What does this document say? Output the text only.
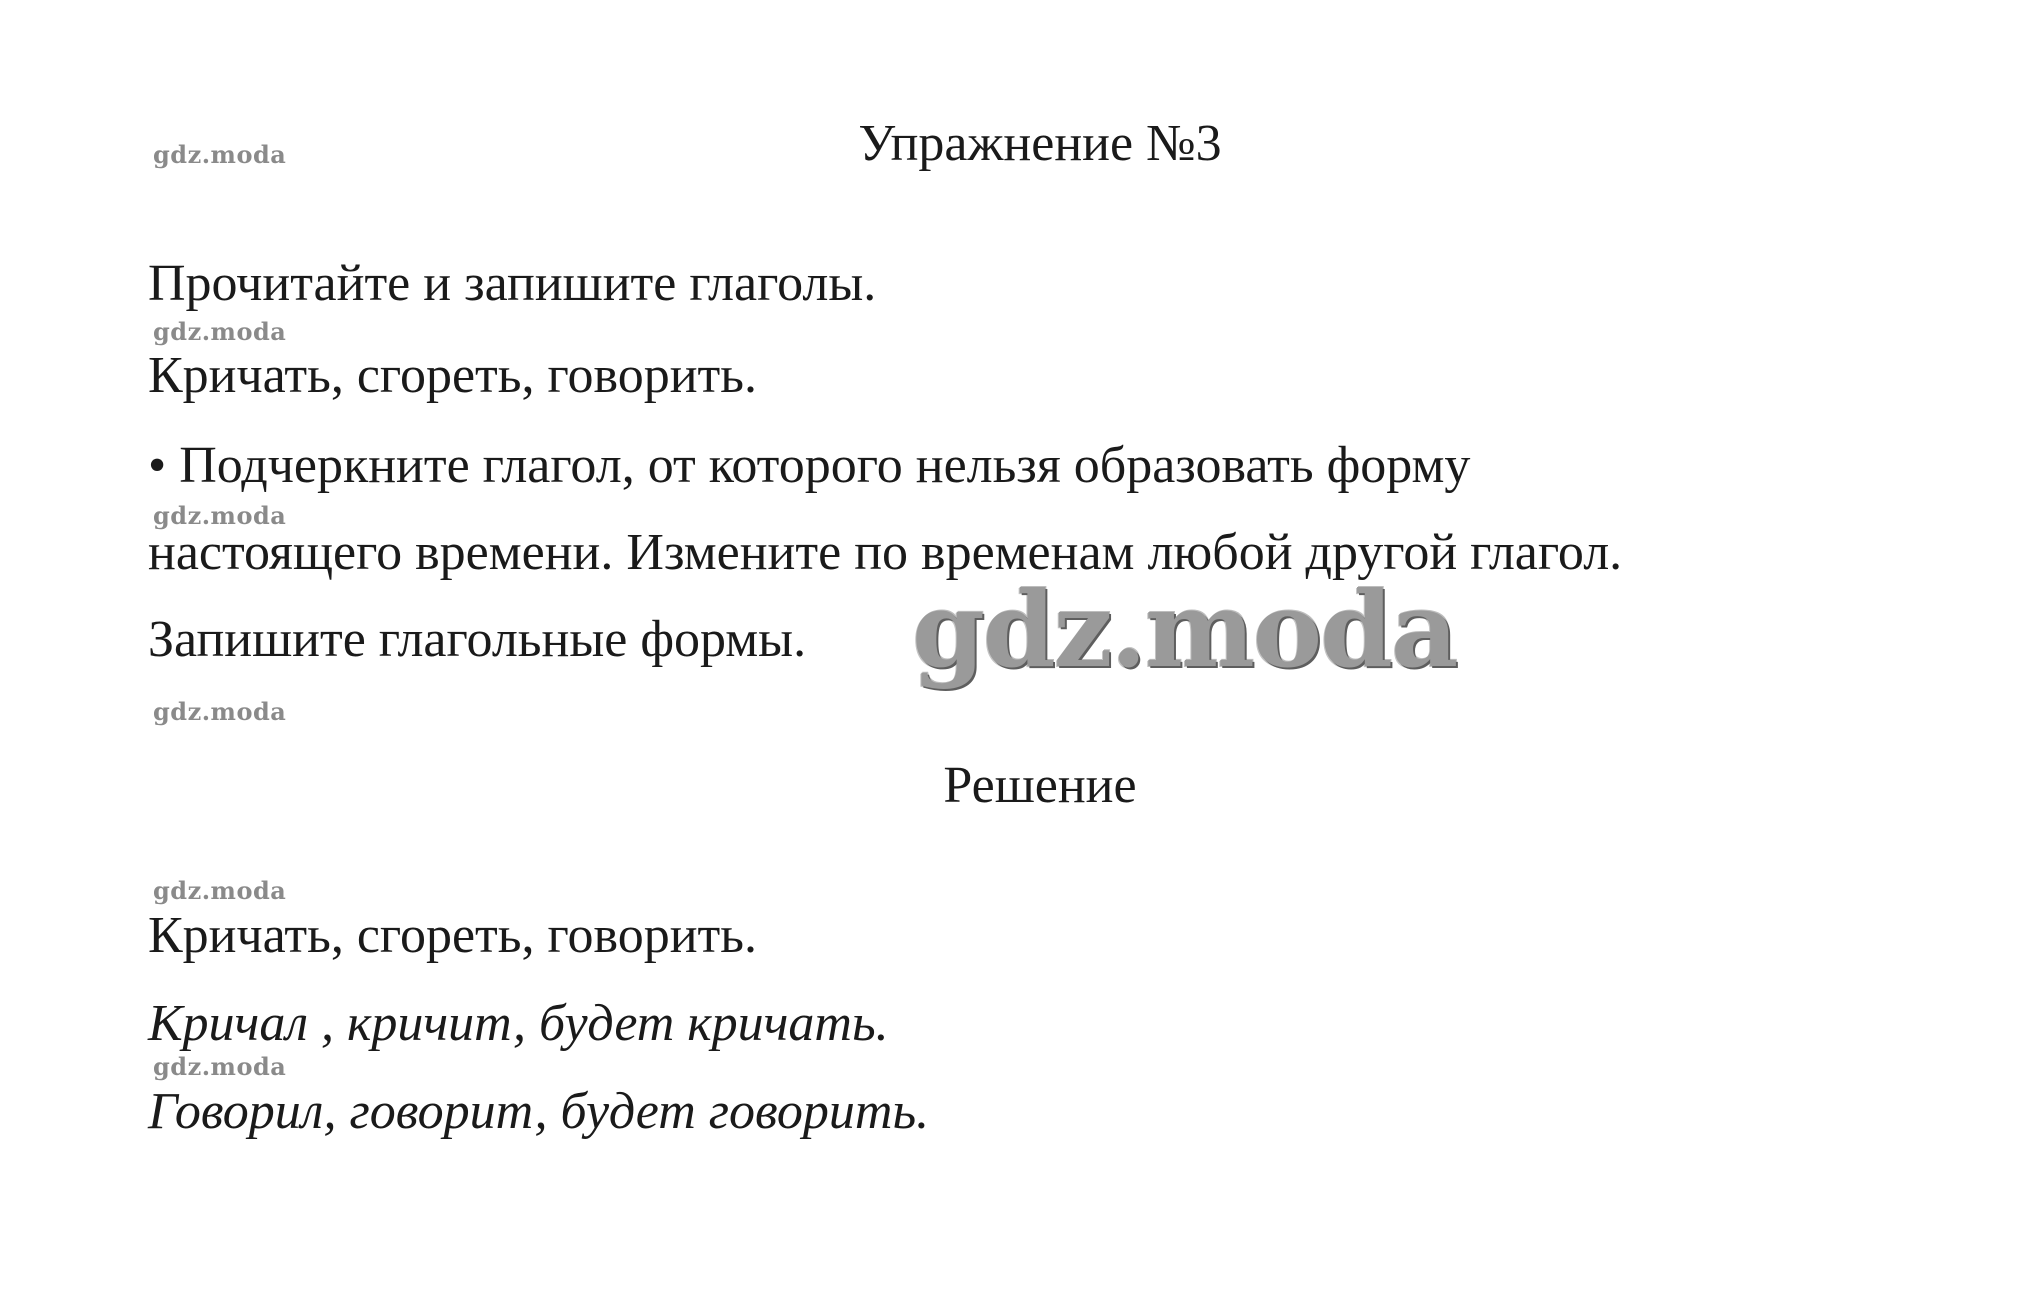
Упражнение №3
gdz.moda
Прочитайте и запишите глаголы.
gdz.moda
Кричать, сгореть, говорить.
• Подчеркните глагол, от которого нельзя образовать форму
gdz.moda
настоящего времени. Измените по временам любой другой глагол.
Запишите глагольные формы. gdz.moda
gdz.moda
Решение
gdz.moda
Кричать, сгореть, говорить.
Кричал , кричит, будет кричать.
gdz.moda
Говорил, говорит, будет говорить.
